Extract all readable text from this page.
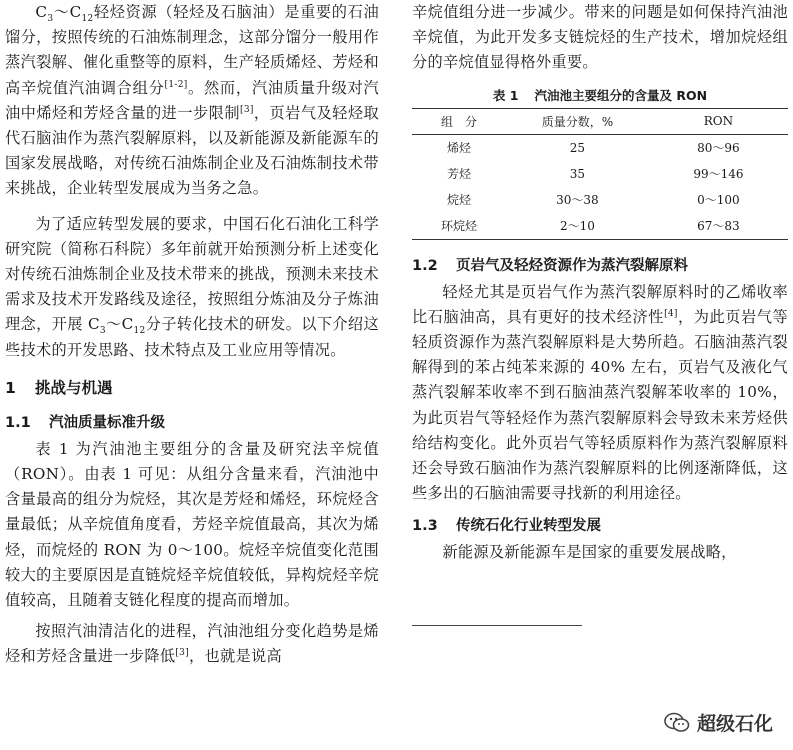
$C_3\sim C_{12}$轻烃资源（轻烃及石脑油）是重要的石油馏分，按照传统的石油炼制理念，这部分馏分一般用作蒸汽裂解、催化重整等的原料，生产轻质烯烃、芳烃和高辛烷值汽油调合组分[1-2]。然而，汽油质量升级对汽油中烯烃和芳烃含量的进一步限制[3]，页岩气及轻烃取代石脑油作为蒸汽裂解原料，以及新能源及新能源车的国家发展战略，对传统石油炼制企业及石油炼制技术带来挑战，企业转型发展成为当务之急。

为了适应转型发展的要求，中国石化石油化工科学研究院（简称石科院）多年前就开始预测分析上述变化对传统石油炼制企业及技术带来的挑战，预测未来技术需求及技术开发路线及途径，按照组分炼油及分子炼油理念，开展 $C_3\sim C_{12}$分子转化技术的研发。以下介绍这些技术的开发思路、技术特点及工业应用等情况。

1 挑战与机遇
1.1 汽油质量标准升级

表 1 为汽油池主要组分的含量及研究法辛烷值（RON）。由表 1 可见：从组分含量来看，汽油池中含量最高的组分为烷烃，其次是芳烃和烯烃，环烷烃含量最低；从辛烷值角度看，芳烃辛烷值最高，其次为烯烃，而烷烃的 RON 为 0～100。烷烃辛烷值变化范围较大的主要原因是直链烷烃辛烷值较低，异构烷烃辛烷值较高，且随着支链化程度的提高而增加。

按照汽油清洁化的进程，汽油池组分变化趋势是烯烃和芳烃含量进一步降低[3]，也就是说高

辛烷值组分进一步减少。带来的问题是如何保持汽油池辛烷值，为此开发多支链烷烃的生产技术，增加烷烃组分的辛烷值显得格外重要。

表 1 汽油池主要组分的含量及 RON
组　分	质量分数，%	RON
烯烃	25	80～96
芳烃	35	99～146
烷烃	30～38	0～100
环烷烃	2～10	67～83
1.2 页岩气及轻烃资源作为蒸汽裂解原料

轻烃尤其是页岩气作为蒸汽裂解原料时的乙烯收率比石脑油高，具有更好的技术经济性[4]，为此页岩气等轻质资源作为蒸汽裂解原料是大势所趋。石脑油蒸汽裂解得到的苯占纯苯来源的 40% 左右，页岩气及液化气蒸汽裂解苯收率不到石脑油蒸汽裂解苯收率的 10%，为此页岩气等轻烃作为蒸汽裂解原料会导致未来芳烃供给结构变化。此外页岩气等轻质原料作为蒸汽裂解原料还会导致石脑油作为蒸汽裂解原料的比例逐渐降低，这些多出的石脑油需要寻找新的利用途径。

1.3 传统石化行业转型发展

新能源及新能源车是国家的重要发展战略，

超级石化
